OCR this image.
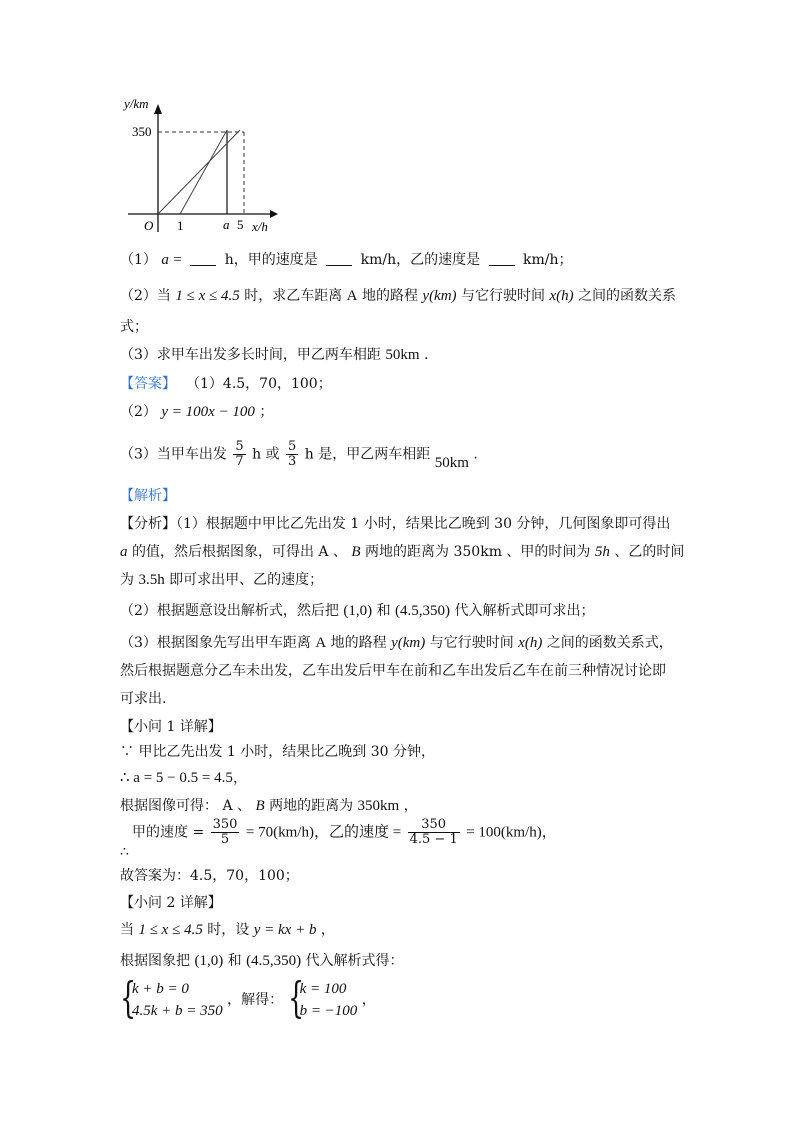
y/km
350
O 1	a 5 x/h
（1） a =	h，甲的速度是	km/h，乙的速度是	km/h；
（2）当 1 ≤ x ≤ 4.5 时，求乙车距离 A 地的路程 y(km) 与它行驶时间 x(h) 之间的函数关系
式；
（3）求甲车出发多长时间，甲乙两车相距 50km .
【答案】 （1）4.5，70，100；
（2） y = 100x − 100 ；
（3）当甲车出发 $\frac{5}{7}$ h 或 $\frac{5}{3}$ h 是，甲乙两车相距 50km .
【解析】
【分析】（1）根据题中甲比乙先出发 1 小时，结果比乙晚到 30 分钟，几何图象即可得出
a 的值，然后根据图象，可得出 A 、 B 两地的距离为 350km 、甲的时间为 5h 、乙的时间
为 3.5h 即可求出甲、乙的速度；
（2）根据题意设出解析式，然后把 (1,0) 和 (4.5,350) 代入解析式即可求出；
（3）根据图象先写出甲车距离 A 地的路程 y(km) 与它行驶时间 x(h) 之间的函数关系式，
然后根据题意分乙车未出发，乙车出发后甲车在前和乙车出发后乙车在前三种情况讨论即
可求出.
【小问 1 详解】
∵ 甲比乙先出发 1 小时，结果比乙晚到 30 分钟，
∴ a = 5 − 0.5 = 4.5，
根据图像可得： A 、 B 两地的距离为 350km ，
甲的速度 = $\frac{350}{5} = 70(km/h)$，乙的速度 = $\frac{350}{4.5 - 1} = 100(km/h)$，
∴
故答案为：4.5，70，100；
【小问 2 详解】
当 1 ≤ x ≤ 4.5 时，设 y = kx + b ，
根据图象把 (1,0) 和 (4.5,350) 代入解析式得：
{
k + b = 0
4.5k + b = 350
，解得： {
k = 100
b = −100
，
